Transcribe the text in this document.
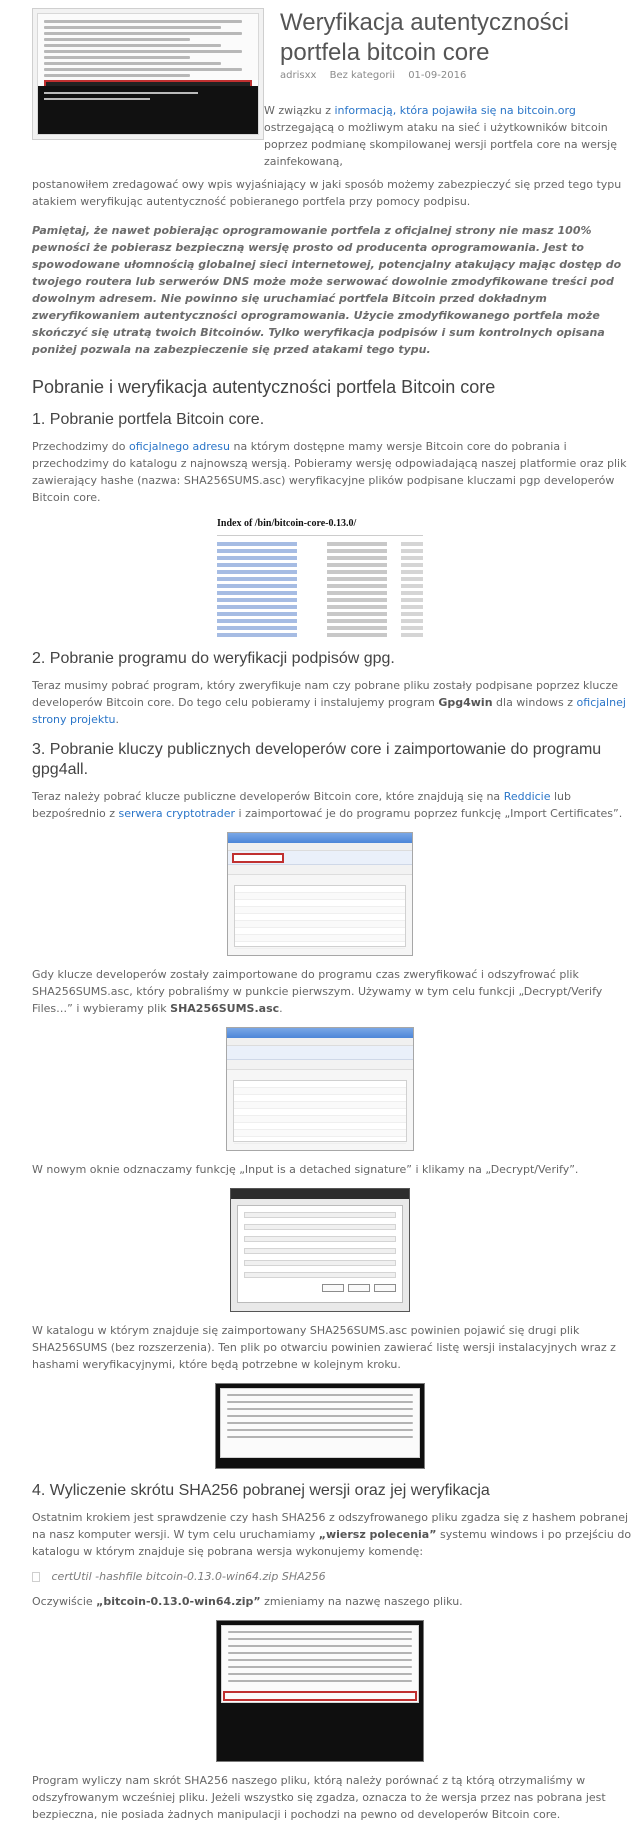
Weryfikacja autentyczności portfela bitcoin core
adrisxx Bez kategorii 01-09-2016

W związku z informacją, która pojawiła się na bitcoin.org ostrzegającą o możliwym ataku na sieć i użytkowników bitcoin poprzez podmianę skompilowanej wersji portfela core na wersję zainfekowaną,

postanowiłem zredagować owy wpis wyjaśniający w jaki sposób możemy zabezpieczyć się przed tego typu atakiem weryfikując autentyczność pobieranego portfela przy pomocy podpisu.
Pamiętaj, że nawet pobierając oprogramowanie portfela z oficjalnej strony nie masz 100% pewności że pobierasz bezpieczną wersję prosto od producenta oprogramowania. Jest to spowodowane ułomnością globalnej sieci internetowej, potencjalny atakujący mając dostęp do twojego routera lub serwerów DNS może może serwować dowolnie zmodyfikowane treści pod dowolnym adresem. Nie powinno się uruchamiać portfela Bitcoin przed dokładnym zweryfikowaniem autentyczności oprogramowania. Użycie zmodyfikowanego portfela może skończyć się utratą twoich Bitcoinów. Tylko weryfikacja podpisów i sum kontrolnych opisana poniżej pozwala na zabezpieczenie się przed atakami tego typu.
Pobranie i weryfikacja autentyczności portfela Bitcoin core
1. Pobranie portfela Bitcoin core.
Przechodzimy do oficjalnego adresu na którym dostępne mamy wersje Bitcoin core do pobrania i przechodzimy do katalogu z najnowszą wersją. Pobieramy wersję odpowiadającą naszej platformie oraz plik zawierający hashe (nazwa: SHA256SUMS.asc) weryfikacyjne plików podpisane kluczami pgp developerów Bitcoin core.
Index of /bin/bitcoin-core-0.13.0/
2. Pobranie programu do weryfikacji podpisów gpg.
Teraz musimy pobrać program, który zweryfikuje nam czy pobrane pliku zostały podpisane poprzez klucze developerów Bitcoin core. Do tego celu pobieramy i instalujemy program Gpg4win dla windows z oficjalnej strony projektu.
3. Pobranie kluczy publicznych developerów core i zaimportowanie do programu gpg4all.
Teraz należy pobrać klucze publiczne developerów Bitcoin core, które znajdują się na Reddicie lub bezpośrednio z serwera cryptotrader i zaimportować je do programu poprzez funkcję „Import Certificates”.
Gdy klucze developerów zostały zaimportowane do programu czas zweryfikować i odszyfrować plik SHA256SUMS.asc, który pobraliśmy w punkcie pierwszym. Używamy w tym celu funkcji „Decrypt/Verify Files…” i wybieramy plik SHA256SUMS.asc.
W nowym oknie odznaczamy funkcję „Input is a detached signature” i klikamy na „Decrypt/Verify”.
W katalogu w którym znajduje się zaimportowany SHA256SUMS.asc powinien pojawić się drugi plik SHA256SUMS (bez rozszerzenia). Ten plik po otwarciu powinien zawierać listę wersji instalacyjnych wraz z hashami weryfikacyjnymi, które będą potrzebne w kolejnym kroku.
4. Wyliczenie skrótu SHA256 pobranej wersji oraz jej weryfikacja
Ostatnim krokiem jest sprawdzenie czy hash SHA256 z odszyfrowanego pliku zgadza się z hashem pobranej na nasz komputer wersji. W tym celu uruchamiamy „wiersz polecenia” systemu windows i po przejściu do katalogu w którym znajduje się pobrana wersja wykonujemy komendę:
certUtil -hashfile bitcoin-0.13.0-win64.zip SHA256
Oczywiście „bitcoin-0.13.0-win64.zip” zmieniamy na nazwę naszego pliku.
Program wyliczy nam skrót SHA256 naszego pliku, którą należy porównać z tą którą otrzymaliśmy w odszyfrowanym wcześniej pliku. Jeżeli wszystko się zgadza, oznacza to że wersja przez nas pobrana jest bezpieczna, nie posiada żadnych manipulacji i pochodzi na pewno od developerów Bitcoin core.
